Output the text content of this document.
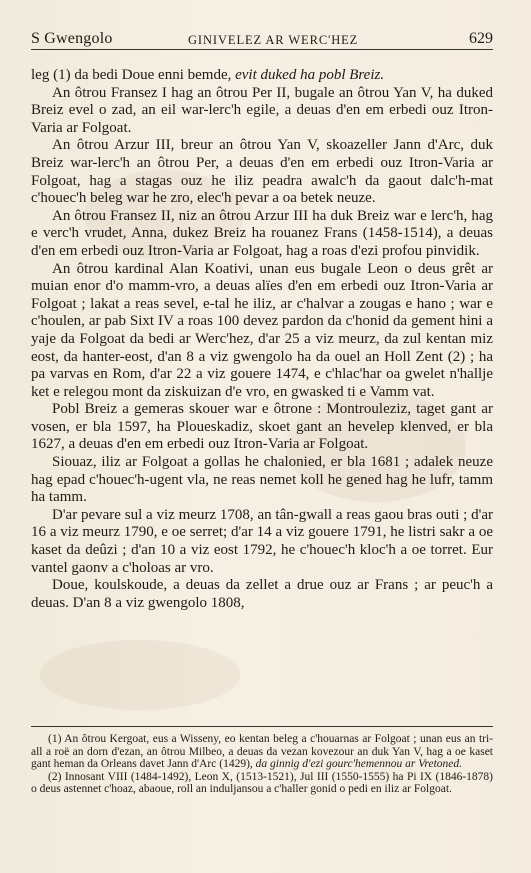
S Gwengolo	GINIVELEZ AR WERC'HEZ	629

leg (1) da bedi Doue enni bemde, evit duked ha pobl Breiz.

An ôtrou Fransez I hag an ôtrou Per II, bugale an ôtrou Yan V, ha duked Breiz evel o zad, an eil war-lerc'h egile, a deuas d'en em erbedi ouz Itron-Varia ar Folgoat.

An ôtrou Arzur III, breur an ôtrou Yan V, skoazeller Jann d'Arc, duk Breiz war-lerc'h an ôtrou Per, a deuas d'en em erbedi ouz Itron-Varia ar Folgoat, hag a stagas ouz he iliz peadra awalc'h da gaout dalc'h-mat c'houec'h beleg war he zro, elec'h pevar a oa betek neuze.

An ôtrou Fransez II, niz an ôtrou Arzur III ha duk Breiz war e lerc'h, hag e verc'h vrudet, Anna, dukez Breiz ha rouanez Frans (1458-1514), a deuas d'en em erbedi ouz Itron-Varia ar Folgoat, hag a roas d'ezi profou pinvidik.

An ôtrou kardinal Alan Koativi, unan eus bugale Leon o deus grêt ar muian enor d'o mamm-vro, a deuas alïes d'en em erbedi ouz Itron-Varia ar Folgoat ; lakat a reas sevel, e-tal he iliz, ar c'halvar a zougas e hano ; war e c'houlen, ar pab Sixt IV a roas 100 devez pardon da c'honid da gement hini a yaje da Folgoat da bedi ar Werc'hez, d'ar 25 a viz meurz, da zul kentan miz eost, da hanter-eost, d'an 8 a viz gwengolo ha da ouel an Holl Zent (2) ; ha pa varvas en Rom, d'ar 22 a viz gouere 1474, e c'hlac'har oa gwelet n'hallje ket e relegou mont da ziskuizan d'e vro, en gwasked ti e Vamm vat.

Pobl Breiz a gemeras skouer war e ôtrone : Montrouleziz, taget gant ar vosen, er bla 1597, ha Ploueskadiz, skoet gant an hevelep klenved, er bla 1627, a deuas d'en em erbedi ouz Itron-Varia ar Folgoat.

Siouaz, iliz ar Folgoat a gollas he chalonied, er bla 1681 ; adalek neuze hag epad c'houec'h-ugent vla, ne reas nemet koll he gened hag he lufr, tamm ha tamm.

D'ar pevare sul a viz meurz 1708, an tân-gwall a reas gaou bras outi ; d'ar 16 a viz meurz 1790, e oe serret; d'ar 14 a viz gouere 1791, he listri sakr a oe kaset da deûzi ; d'an 10 a viz eost 1792, he c'houec'h kloc'h a oe torret. Eur vantel gaonv a c'holoas ar vro.

Doue, koulskoude, a deuas da zellet a drue ouz ar Frans ; ar peuc'h a deuas. D'an 8 a viz gwengolo 1808,

(1) An ôtrou Kergoat, eus a Wisseny, eo kentan beleg a c'houarnas ar Folgoat ; unan eus an tri-all a roë an dorn d'ezan, an ôtrou Milbeo, a deuas da vezan kovezour an duk Yan V, hag a oe kaset gant heman da Orleans davet Jann d'Arc (1429), da ginnig d'ezi gourc'hemennou ar Vretoned.

(2) Innosant VIII (1484-1492), Leon X, (1513-1521), Jul III (1550-1555) ha Pi IX (1846-1878) o deus astennet c'hoaz, abaoue, roll an induljansou a c'haller gonid o pedi en iliz ar Folgoat.
